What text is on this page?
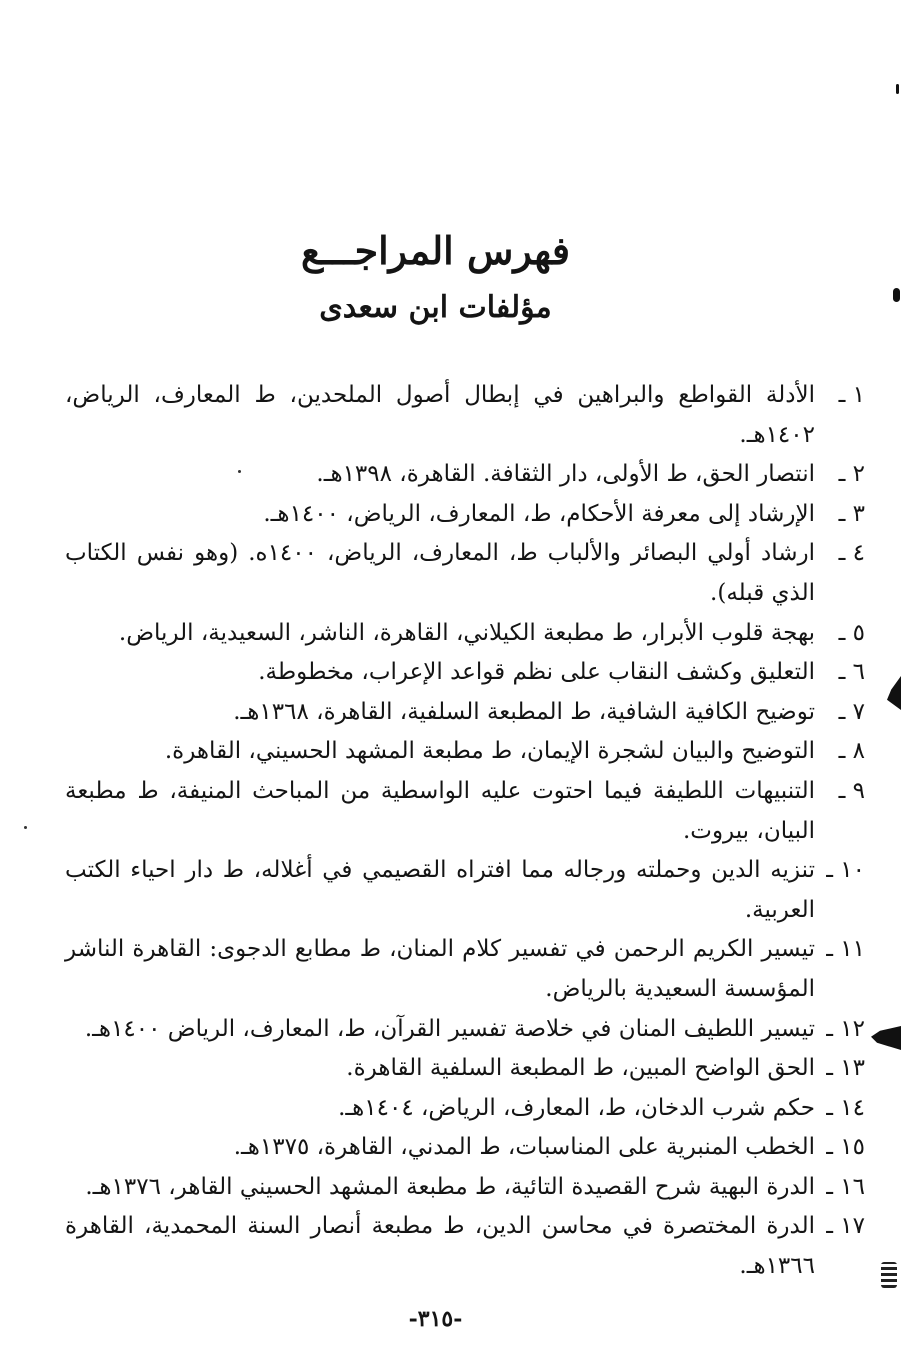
فهرس المراجـــع
مؤلفات ابن سعدى
١ ـ
الأدلة القواطع والبراهين في إبطال أصول الملحدين، ط المعارف، الرياض، ١٤٠٢هـ.
٢ ـ
انتصار الحق، ط الأولى، دار الثقافة. القاهرة، ١٣٩٨هـ.
٣ ـ
الإرشاد إلى معرفة الأحكام، ط، المعارف، الرياض، ١٤٠٠هـ.
٤ ـ
ارشاد أولي البصائر والألباب ط، المعارف، الرياض، ١٤٠٠ه. (وهو نفس الكتاب الذي قبله).
٥ ـ
بهجة قلوب الأبرار، ط مطبعة الكيلاني، القاهرة، الناشر، السعيدية، الرياض.
٦ ـ
التعليق وكشف النقاب على نظم قواعد الإعراب، مخطوطة.
٧ ـ
توضيح الكافية الشافية، ط المطبعة السلفية، القاهرة، ١٣٦٨هـ.
٨ ـ
التوضيح والبيان لشجرة الإيمان، ط مطبعة المشهد الحسيني، القاهرة.
٩ ـ
التنبيهات اللطيفة فيما احتوت عليه الواسطية من المباحث المنيفة، ط مطبعة البيان، بيروت.
١٠ ـ
تنزيه الدين وحملته ورجاله مما افتراه القصيمي في أغلاله، ط دار احياء الكتب العربية.
١١ ـ
تيسير الكريم الرحمن في تفسير كلام المنان، ط مطابع الدجوى: القاهرة الناشر المؤسسة السعيدية بالرياض.
١٢ ـ
تيسير اللطيف المنان في خلاصة تفسير القرآن، ط، المعارف، الرياض ١٤٠٠هـ.
١٣ ـ
الحق الواضح المبين، ط المطبعة السلفية القاهرة.
١٤ ـ
حكم شرب الدخان، ط، المعارف، الرياض، ١٤٠٤هـ.
١٥ ـ
الخطب المنبرية على المناسبات، ط المدني، القاهرة، ١٣٧٥هـ.
١٦ ـ
الدرة البهية شرح القصيدة التائية، ط مطبعة المشهد الحسيني القاهر، ١٣٧٦هـ.
١٧ ـ
الدرة المختصرة في محاسن الدين، ط مطبعة أنصار السنة المحمدية، القاهرة ١٣٦٦هـ.
-٣١٥-
